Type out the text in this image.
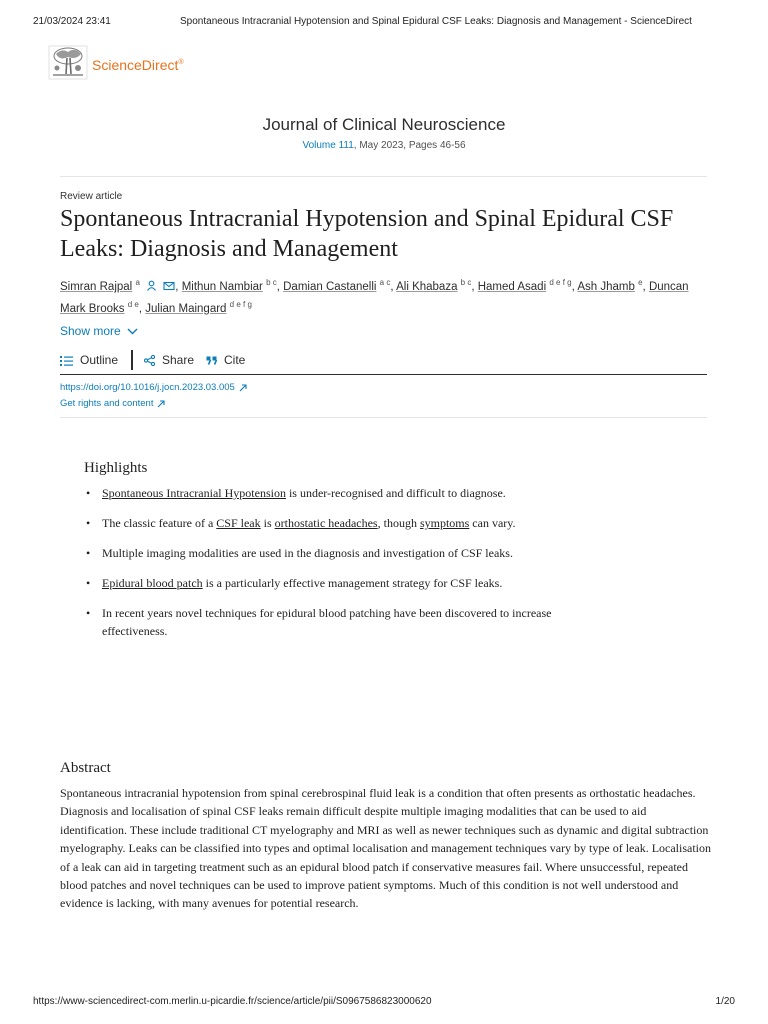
21/03/2024 23:41	Spontaneous Intracranial Hypotension and Spinal Epidural CSF Leaks: Diagnosis and Management - ScienceDirect
ScienceDirect®
Journal of Clinical Neuroscience
Volume 111, May 2023, Pages 46-56
Review article
Spontaneous Intracranial Hypotension and Spinal Epidural CSF Leaks: Diagnosis and Management
Simran Rajpal $^a$	, Mithun Nambiar $^{b c}$, Damian Castanelli $^{a c}$, Ali Khabaza $^{b c}$, Hamed Asadi $^{d e f g}$, Ash Jhamb $^e$, Duncan Mark Brooks $^{d e}$, Julian Maingard $^{d e f g}$
Show more
Outline	Share Cite
https://doi.org/10.1016/j.jocn.2023.03.005
Get rights and content
Highlights
• Spontaneous Intracranial Hypotension is under-recognised and difficult to diagnose.
• The classic feature of a CSF leak is orthostatic headaches, though symptoms can vary.
• Multiple imaging modalities are used in the diagnosis and investigation of CSF leaks.
• Epidural blood patch is a particularly effective management strategy for CSF leaks.
• In recent years novel techniques for epidural blood patching have been discovered to increase effectiveness.
Abstract

Spontaneous intracranial hypotension from spinal cerebrospinal fluid leak is a condition that often presents as orthostatic headaches. Diagnosis and localisation of spinal CSF leaks remain difficult despite multiple imaging modalities that can be used to aid identification. These include traditional CT myelography and MRI as well as newer techniques such as dynamic and digital subtraction myelography. Leaks can be classified into types and optimal localisation and management techniques vary by type of leak. Localisation of a leak can aid in targeting treatment such as an epidural blood patch if conservative measures fail. Where unsuccessful, repeated blood patches and novel techniques can be used to improve patient symptoms. Much of this condition is not well understood and evidence is lacking, with many avenues for potential research.

https://www-sciencedirect-com.merlin.u-picardie.fr/science/article/pii/S0967586823000620	1/20
